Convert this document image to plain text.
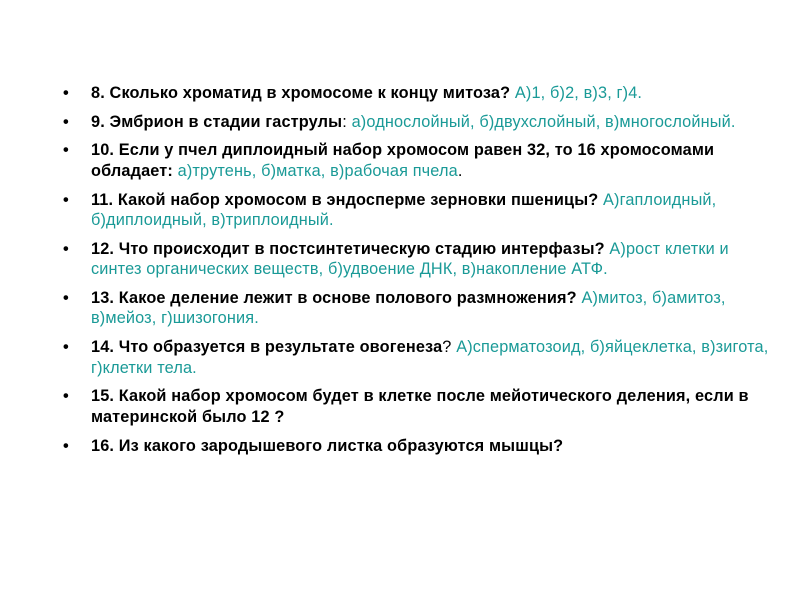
• 8. Сколько хроматид в хромосоме к концу митоза? А)1, б)2, в)3, г)4.
• 9. Эмбрион в стадии гаструлы: а)однослойный, б)двухслойный, в)многослойный.
• 10. Если у пчел диплоидный набор хромосом равен 32, то 16 хромосомами обладает: а)трутень, б)матка, в)рабочая пчела.
• 11. Какой набор хромосом в эндосперме зерновки пшеницы? А)гаплоидный, б)диплоидный, в)триплоидный.
• 12. Что происходит в постсинтетическую стадию интерфазы? А)рост клетки и синтез органических веществ, б)удвоение ДНК, в)накопление АТФ.
• 13. Какое деление лежит в основе полового размножения? А)митоз, б)амитоз, в)мейоз, г)шизогония.
• 14. Что образуется в результате овогенеза? А)сперматозоид, б)яйцеклетка, в)зигота, г)клетки тела.
• 15. Какой набор хромосом будет в клетке после мейотического деления, если в материнской было 12 ?
• 16. Из какого зародышевого листка образуются мышцы?
